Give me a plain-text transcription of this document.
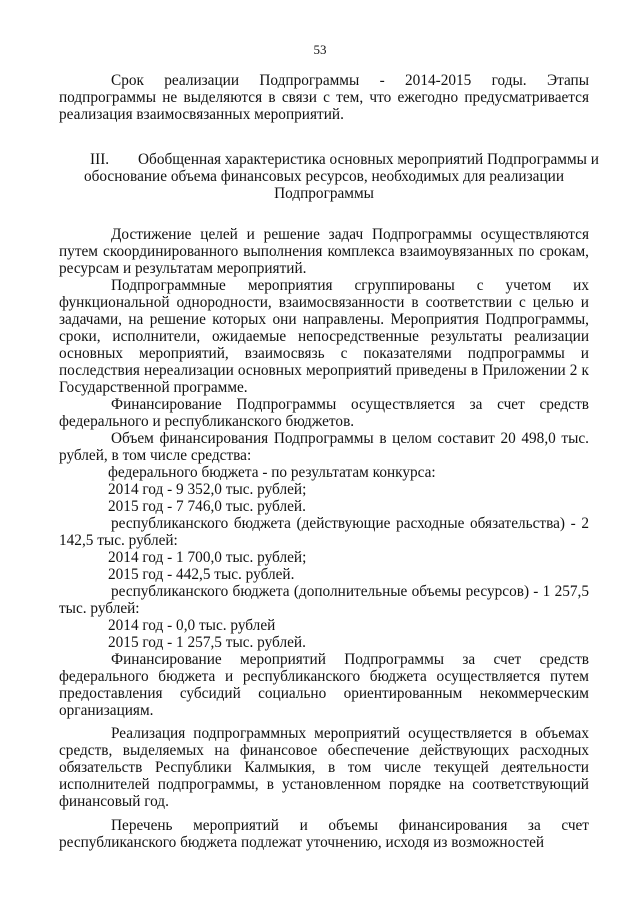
53

Срок реализации Подпрограммы - 2014-2015 годы. Этапы подпрограммы не выделяются в связи с тем, что ежегодно предусматривается реализация взаимосвязанных мероприятий.

III. Обобщенная характеристика основных мероприятий Подпрограммы и
обоснование объема финансовых ресурсов, необходимых для реализации
Подпрограммы

Достижение целей и решение задач Подпрограммы осуществляются путем скоординированного выполнения комплекса взаимоувязанных по срокам, ресурсам и результатам мероприятий.

Подпрограммные мероприятия сгруппированы с учетом их функциональной однородности, взаимосвязанности в соответствии с целью и задачами, на решение которых они направлены. Мероприятия Подпрограммы, сроки, исполнители, ожидаемые непосредственные результаты реализации основных мероприятий, взаимосвязь с показателями подпрограммы и последствия нереализации основных мероприятий приведены в Приложении 2 к Государственной программе.

Финансирование Подпрограммы осуществляется за счет средств федерального и республиканского бюджетов.

Объем финансирования Подпрограммы в целом составит 20 498,0 тыс. рублей, в том числе средства:

федерального бюджета - по результатам конкурса:
2014 год - 9 352,0 тыс. рублей;
2015 год - 7 746,0 тыс. рублей.

республиканского бюджета (действующие расходные обязательства) - 2 142,5 тыс. рублей:

2014 год - 1 700,0 тыс. рублей;
2015 год - 442,5 тыс. рублей.

республиканского бюджета (дополнительные объемы ресурсов) - 1 257,5 тыс. рублей:

2014 год - 0,0 тыс. рублей
2015 год - 1 257,5 тыс. рублей.

Финансирование мероприятий Подпрограммы за счет средств федерального бюджета и республиканского бюджета осуществляется путем предоставления субсидий социально ориентированным некоммерческим организациям.

Реализация подпрограммных мероприятий осуществляется в объемах средств, выделяемых на финансовое обеспечение действующих расходных обязательств Республики Калмыкия, в том числе текущей деятельности исполнителей подпрограммы, в установленном порядке на соответствующий финансовый год.

Перечень мероприятий и объемы финансирования за счет республиканского бюджета подлежат уточнению, исходя из возможностей
